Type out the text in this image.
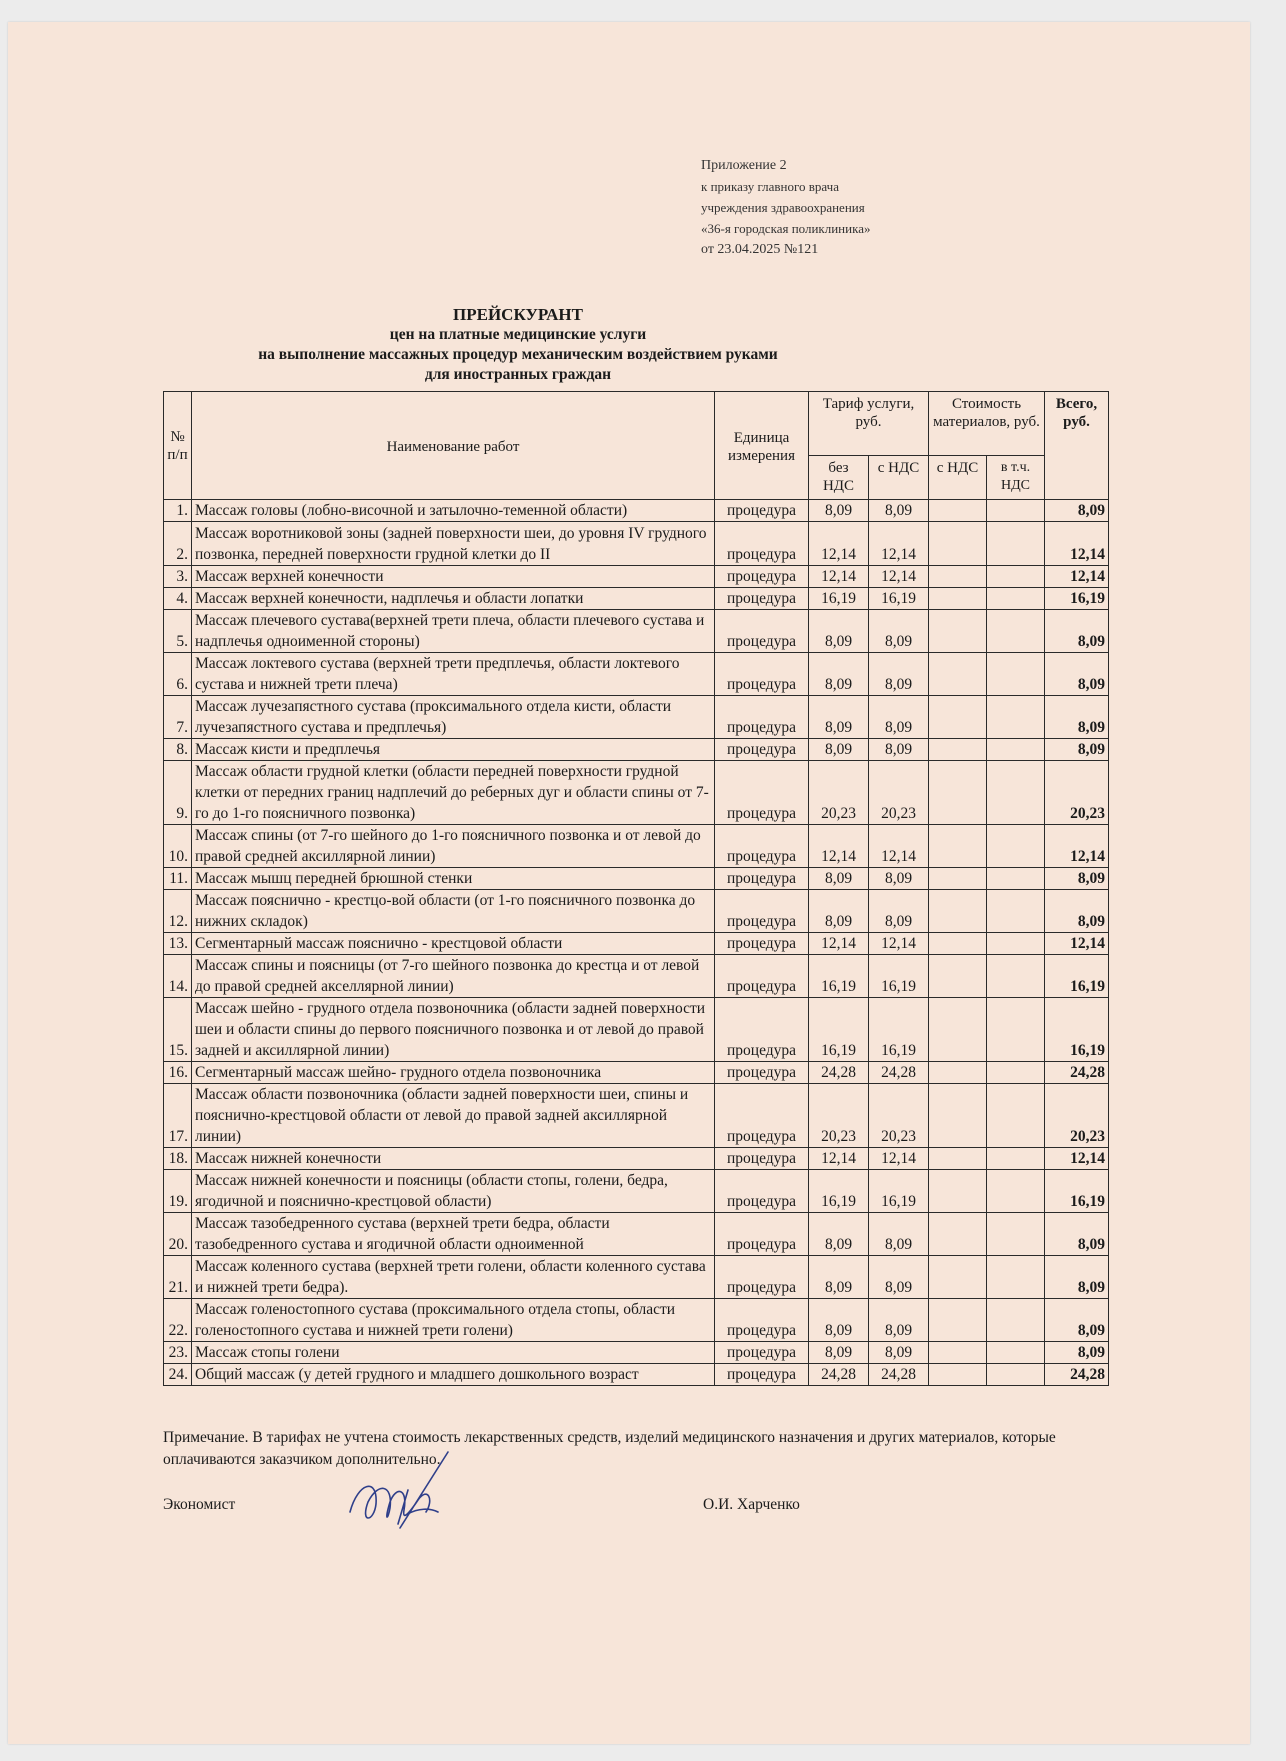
Приложение 2
к приказу главного врача
учреждения здравоохранения
«36-я городская поликлиника»
от 23.04.2025 №121
ПРЕЙСКУРАНТ
цен на платные медицинские услуги
на выполнение массажных процедур механическим воздействием руками
для иностранных граждан
№ п/п	Наименование работ	Единица измерения	Тариф услуги, руб.		Стоимость материалов, руб.		Всего, руб.
			без НДС	с НДС	с НДС	в т.ч. НДС	
1.	Массаж головы (лобно-височной и затылочно-теменной области)	процедура	8,09	8,09			8,09
2.	Массаж воротниковой зоны (задней поверхности шеи, до уровня IV грудного позвонка, передней поверхности грудной клетки до II	процедура	12,14	12,14			12,14
3.	Массаж верхней конечности	процедура	12,14	12,14			12,14
4.	Массаж верхней конечности, надплечья и области лопатки	процедура	16,19	16,19			16,19
5.	Массаж плечевого сустава(верхней трети плеча, области плечевого сустава и надплечья одноименной стороны)	процедура	8,09	8,09			8,09
6.	Массаж локтевого сустава (верхней трети предплечья, области локтевого сустава и нижней трети плеча)	процедура	8,09	8,09			8,09
7.	Массаж лучезапястного сустава (проксимального отдела кисти, области лучезапястного сустава и предплечья)	процедура	8,09	8,09			8,09
8.	Массаж кисти и предплечья	процедура	8,09	8,09			8,09
9.	Массаж области грудной клетки (области передней поверхности грудной клетки от передних границ надплечий до реберных дуг и области спины от 7-го до 1-го поясничного позвонка)	процедура	20,23	20,23			20,23
10.	Массаж спины (от 7-го шейного до 1-го поясничного позвонка и от левой до правой средней аксиллярной линии)	процедура	12,14	12,14			12,14
11.	Массаж мышц передней брюшной стенки	процедура	8,09	8,09			8,09
12.	Массаж пояснично - крестцо-вой области (от 1-го поясничного позвонка до нижних складок)	процедура	8,09	8,09			8,09
13.	Сегментарный массаж пояснично - крестцовой области	процедура	12,14	12,14			12,14
14.	Массаж спины и поясницы (от 7-го шейного позвонка до крестца и от левой до правой средней акселлярной линии)	процедура	16,19	16,19			16,19
15.	Массаж шейно - грудного отдела позвоночника (области задней поверхности шеи и области спины до первого поясничного позвонка и от левой до правой задней и аксиллярной линии)	процедура	16,19	16,19			16,19
16.	Сегментарный массаж шейно- грудного отдела позвоночника	процедура	24,28	24,28			24,28
17.	Массаж области позвоночника (области задней поверхности шеи, спины и пояснично-крестцовой области от левой до правой задней аксиллярной линии)	процедура	20,23	20,23			20,23
18.	Массаж нижней конечности	процедура	12,14	12,14			12,14
19.	Массаж нижней конечности и поясницы (области стопы, голени, бедра, ягодичной и пояснично-крестцовой области)	процедура	16,19	16,19			16,19
20.	Массаж тазобедренного сустава (верхней трети бедра, области тазобедренного сустава и ягодичной области одноименной	процедура	8,09	8,09			8,09
21.	Массаж коленного сустава (верхней трети голени, области коленного сустава и нижней трети бедра).	процедура	8,09	8,09			8,09
22.	Массаж голеностопного сустава (проксимального отдела стопы, области голеностопного сустава и нижней трети голени)	процедура	8,09	8,09			8,09
23.	Массаж стопы голени	процедура	8,09	8,09			8,09
24.	Общий массаж (у детей грудного и младшего дошкольного возраст	процедура	24,28	24,28			24,28
Примечание. В тарифах не учтена стоимость лекарственных средств, изделий медицинского назначения и других материалов, которые оплачиваются заказчиком дополнительно.
Экономист	О.И. Харченко
